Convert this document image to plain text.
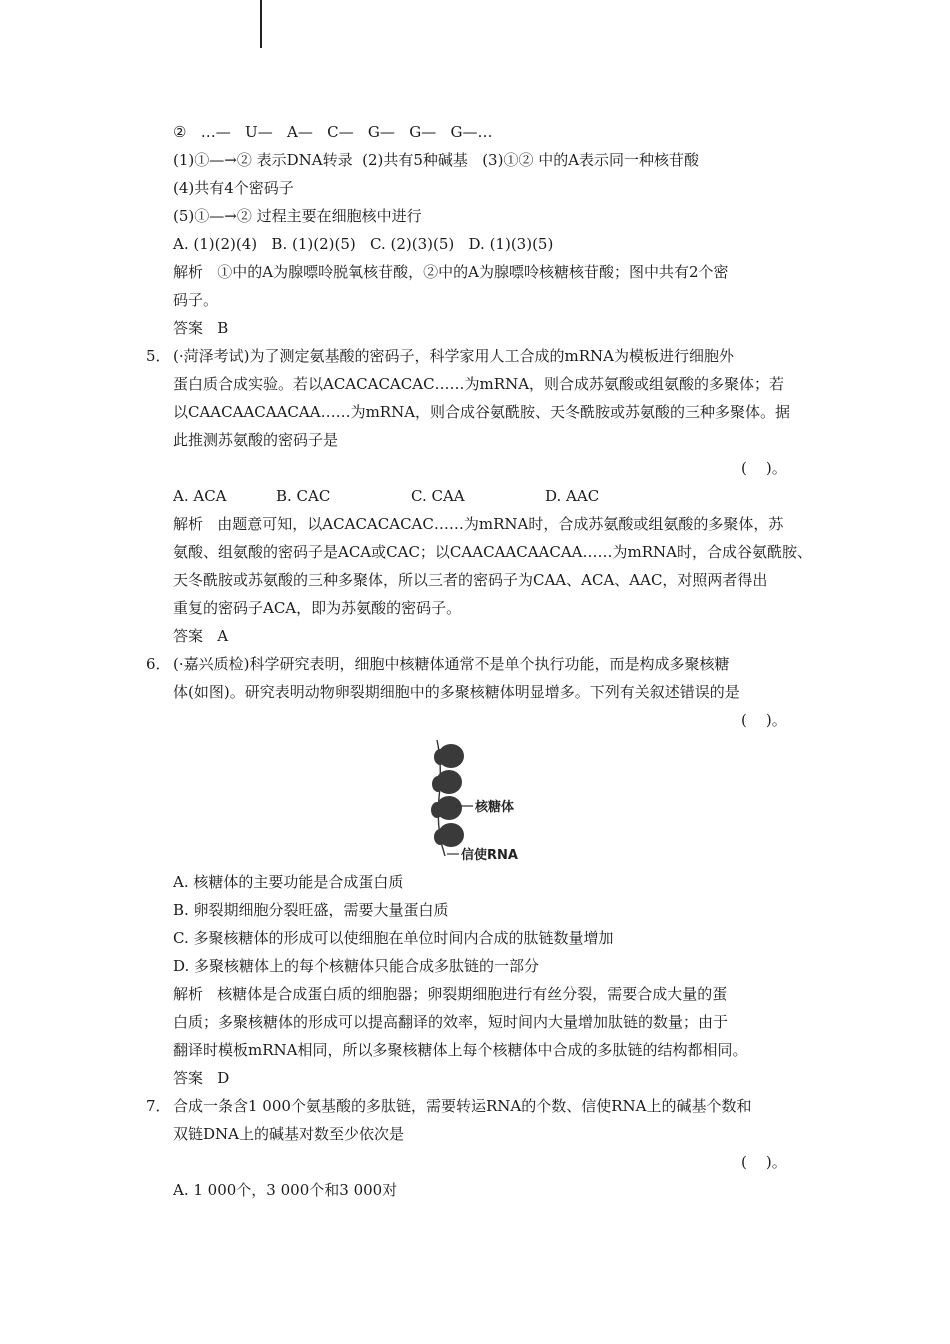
②   …—   U—   A—   C—   G—   G—   G—…
(1)①—→② 表示DNA转录  (2)共有5种碱基   (3)①② 中的A表示同一种核苷酸
(4)共有4个密码子
(5)①—→② 过程主要在细胞核中进行
A. (1)(2)(4)   B. (1)(2)(5)   C. (2)(3)(5)   D. (1)(3)(5)
解析   ①中的A为腺嘌呤脱氧核苷酸，②中的A为腺嘌呤核糖核苷酸；图中共有2个密
码子。
答案   B
5． (·菏泽考试)为了测定氨基酸的密码子，科学家用人工合成的mRNA为模板进行细胞外
蛋白质合成实验。若以ACACACACAC……为mRNA，则合成苏氨酸或组氨酸的多聚体；若
以CAACAACAACAA……为mRNA，则合成谷氨酰胺、天冬酰胺或苏氨酸的三种多聚体。据
此推测苏氨酸的密码子是
(    )。
A. ACA	B. CAC	C. CAA	D. AAC
解析   由题意可知，以ACACACACAC……为mRNA时，合成苏氨酸或组氨酸的多聚体，苏
氨酸、组氨酸的密码子是ACA或CAC；以CAACAACAACAA……为mRNA时，合成谷氨酰胺、
天冬酰胺或苏氨酸的三种多聚体，所以三者的密码子为CAA、ACA、AAC，对照两者得出
重复的密码子ACA，即为苏氨酸的密码子。
答案   A
6． (·嘉兴质检)科学研究表明，细胞中核糖体通常不是单个执行功能，而是构成多聚核糖
体(如图)。研究表明动物卵裂期细胞中的多聚核糖体明显增多。下列有关叙述错误的是
(    )。
核糖体
信使RNA
A. 核糖体的主要功能是合成蛋白质
B. 卵裂期细胞分裂旺盛，需要大量蛋白质
C. 多聚核糖体的形成可以使细胞在单位时间内合成的肽链数量增加
D. 多聚核糖体上的每个核糖体只能合成多肽链的一部分
解析   核糖体是合成蛋白质的细胞器；卵裂期细胞进行有丝分裂，需要合成大量的蛋
白质；多聚核糖体的形成可以提高翻译的效率，短时间内大量增加肽链的数量；由于
翻译时模板mRNA相同，所以多聚核糖体上每个核糖体中合成的多肽链的结构都相同。
答案   D
7． 合成一条含1 000个氨基酸的多肽链，需要转运RNA的个数、信使RNA上的碱基个数和
双链DNA上的碱基对数至少依次是
(    )。
A. 1 000个，3 000个和3 000对
